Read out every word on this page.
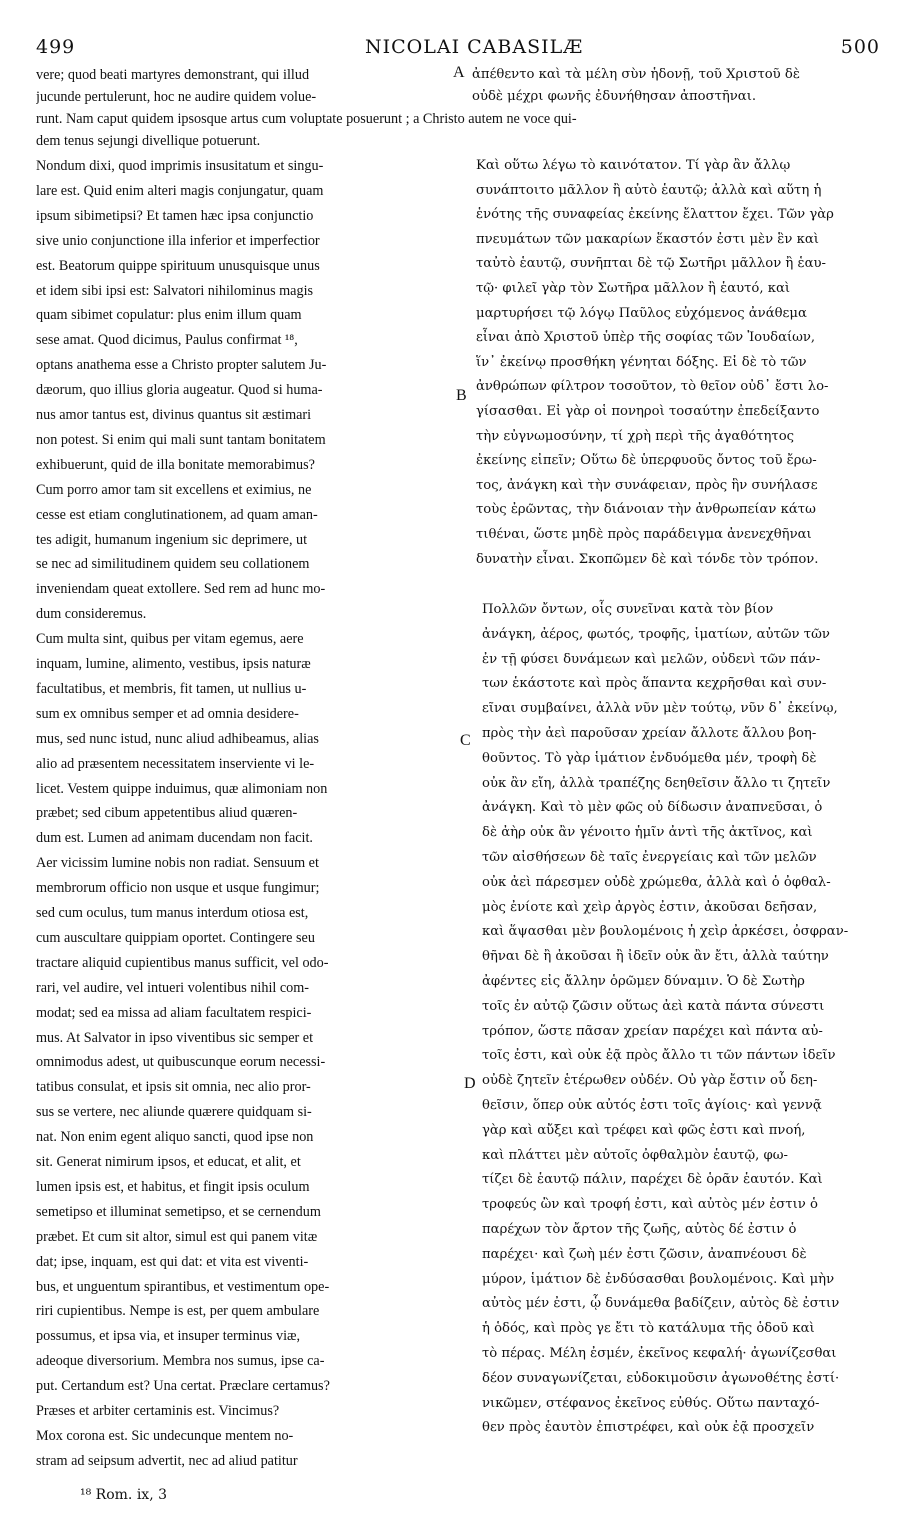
499	NICOLAI CABASILÆ	500
vere; quod beati martyres demonstrant, qui illud
jucunde pertulerunt, hoc ne audire quidem volue-
runt. Nam caput quidem ipsosque artus cum voluptate posuerunt ; a Christo autem ne voce qui-
dem tenus sejungi divellique potuerunt.
ἀπέθεντο καὶ τὰ μέλη σὺν ἡδονῇ, τοῦ Χριστοῦ δὲ
οὐδὲ μέχρι φωνῆς ἐδυνήθησαν ἀποστῆναι.
Nondum dixi, quod imprimis insusitatum et singu-
lare est. Quid enim alteri magis conjungatur, quam
ipsum sibimetipsi? Et tamen hæc ipsa conjunctio
sive unio conjunctione illa inferior et imperfectior
est. Beatorum quippe spirituum unusquisque unus
et idem sibi ipsi est: Salvatori nihilominus magis
quam sibimet copulatur: plus enim illum quam
sese amat. Quod dicimus, Paulus confirmat ¹⁸,
optans anathema esse a Christo propter salutem Ju-
dæorum, quo illius gloria augeatur. Quod si huma-
nus amor tantus est, divinus quantus sit æstimari
non potest. Si enim qui mali sunt tantam bonitatem
exhibuerunt, quid de illa bonitate memorabimus?
Cum porro amor tam sit excellens et eximius, ne
cesse est etiam conglutinationem, ad quam aman-
tes adigit, humanum ingenium sic deprimere, ut
se nec ad similitudinem quidem seu collationem
inveniendam queat extollere. Sed rem ad hunc mo-
dum consideremus.
Cum multa sint, quibus per vitam egemus, aere
inquam, lumine, alimento, vestibus, ipsis naturæ
facultatibus, et membris, fit tamen, ut nullius u-
sum ex omnibus semper et ad omnia desidere-
mus, sed nunc istud, nunc aliud adhibeamus, alias
alio ad præsentem necessitatem inserviente vi le-
licet. Vestem quippe induimus, quæ alimoniam non
præbet; sed cibum appetentibus aliud quæren-
dum est. Lumen ad animam ducendam non facit.
Aer vicissim lumine nobis non radiat. Sensuum et
membrorum officio non usque et usque fungimur;
sed cum oculus, tum manus interdum otiosa est,
cum auscultare quippiam oportet. Contingere seu
tractare aliquid cupientibus manus sufficit, vel odo-
rari, vel audire, vel intueri volentibus nihil com-
modat; sed ea missa ad aliam facultatem respici-
mus. At Salvator in ipso viventibus sic semper et
omnimodus adest, ut quibuscunque eorum necessi-
tatibus consulat, et ipsis sit omnia, nec alio pror-
sus se vertere, nec aliunde quærere quidquam si-
nat. Non enim egent aliquo sancti, quod ipse non
sit. Generat nimirum ipsos, et educat, et alit, et
lumen ipsis est, et habitus, et fingit ipsis oculum
semetipso et illuminat semetipso, et se cernendum
præbet. Et cum sit altor, simul est qui panem vitæ
dat; ipse, inquam, est qui dat: et vita est viventi-
bus, et unguentum spirantibus, et vestimentum ope-
riri cupientibus. Nempe is est, per quem ambulare
possumus, et ipsa via, et insuper terminus viæ,
adeoque diversorium. Membra nos sumus, ipse ca-
put. Certandum est? Una certat. Præclare certamus?
Præses et arbiter certaminis est. Vincimus?
Mox corona est. Sic undecunque mentem no-
stram ad seipsum advertit, nec ad aliud patitur
Καὶ οὕτω λέγω τὸ καινότατον. Τί γὰρ ἂν ἄλλῳ
συνάπτοιτο μᾶλλον ἢ αὐτὸ ἑαυτῷ; ἀλλὰ καὶ αὕτη ἡ
ἑνότης τῆς συναφείας ἐκείνης ἔλαττον ἔχει. Τῶν γὰρ
πνευμάτων τῶν μακαρίων ἕκαστόν ἐστι μὲν ἓν καὶ
ταὐτὸ ἑαυτῷ, συνῆπται δὲ τῷ Σωτῆρι μᾶλλον ἢ ἑαυ-
τῷ· φιλεῖ γὰρ τὸν Σωτῆρα μᾶλλον ἢ ἑαυτό, καὶ
μαρτυρήσει τῷ λόγῳ Παῦλος εὐχόμενος ἀνάθεμα
εἶναι ἀπὸ Χριστοῦ ὑπὲρ τῆς σοφίας τῶν Ἰουδαίων,
ἵν᾽ ἐκείνῳ προσθήκη γένηται δόξης. Εἰ δὲ τὸ τῶν
ἀνθρώπων φίλτρον τοσοῦτον, τὸ θεῖον οὐδ᾽ ἔστι λο-
γίσασθαι. Εἰ γὰρ οἱ πονηροὶ τοσαύτην ἐπεδείξαντο
τὴν εὐγνωμοσύνην, τί χρὴ περὶ τῆς ἀγαθότητος
ἐκείνης εἰπεῖν; Οὕτω δὲ ὑπερφυοῦς ὄντος τοῦ ἔρω-
τος, ἀνάγκη καὶ τὴν συνάφειαν, πρὸς ἣν συνήλασε
τοὺς ἐρῶντας, τὴν διάνοιαν τὴν ἀνθρωπείαν κάτω
τιθέναι, ὥστε μηδὲ πρὸς παράδειγμα ἀνενεχθῆναι
δυνατὴν εἶναι. Σκοπῶμεν δὲ καὶ τόνδε τὸν τρόπον.
Πολλῶν ὄντων, οἷς συνεῖναι κατὰ τὸν βίον
ἀνάγκη, ἀέρος, φωτός, τροφῆς, ἱματίων, αὐτῶν τῶν
ἐν τῇ φύσει δυνάμεων καὶ μελῶν, οὐδενὶ τῶν πάν-
των ἑκάστοτε καὶ πρὸς ἅπαντα κεχρῆσθαι καὶ συν-
εῖναι συμβαίνει, ἀλλὰ νῦν μὲν τούτῳ, νῦν δ᾽ ἐκείνῳ,
πρὸς τὴν ἀεὶ παροῦσαν χρείαν ἄλλοτε ἄλλου βοη-
θοῦντος. Τὸ γὰρ ἱμάτιον ἐνδυόμεθα μέν, τροφὴ δὲ
οὐκ ἂν εἴη, ἀλλὰ τραπέζης δεηθεῖσιν ἄλλο τι ζητεῖν
ἀνάγκη. Καὶ τὸ μὲν φῶς οὐ δίδωσιν ἀναπνεῦσαι, ὁ
δὲ ἀὴρ οὐκ ἂν γένοιτο ἡμῖν ἀντὶ τῆς ἀκτῖνος, καὶ
τῶν αἰσθήσεων δὲ ταῖς ἐνεργείαις καὶ τῶν μελῶν
οὐκ ἀεὶ πάρεσμεν οὐδὲ χρώμεθα, ἀλλὰ καὶ ὁ ὀφθαλ-
μὸς ἐνίοτε καὶ χεὶρ ἀργὸς ἐστιν, ἀκοῦσαι δεῆσαν,
καὶ ἅψασθαι μὲν βουλομένοις ἡ χεὶρ ἀρκέσει, ὀσφραν-
θῆναι δὲ ἢ ἀκοῦσαι ἢ ἰδεῖν οὐκ ἂν ἔτι, ἀλλὰ ταύτην
ἀφέντες εἰς ἄλλην ὁρῶμεν δύναμιν. Ὁ δὲ Σωτὴρ
τοῖς ἐν αὐτῷ ζῶσιν οὕτως ἀεὶ κατὰ πάντα σύνεστι
τρόπον, ὥστε πᾶσαν χρείαν παρέχει καὶ πάντα αὐ-
τοῖς ἐστι, καὶ οὐκ ἐᾷ πρὸς ἄλλο τι τῶν πάντων ἰδεῖν
οὐδὲ ζητεῖν ἑτέρωθεν οὐδέν. Οὐ γὰρ ἔστιν οὗ δεη-
θεῖσιν, ὅπερ οὐκ αὐτός ἐστι τοῖς ἁγίοις· καὶ γεννᾷ
γὰρ καὶ αὔξει καὶ τρέφει καὶ φῶς ἐστι καὶ πνοή,
καὶ πλάττει μὲν αὐτοῖς ὀφθαλμὸν ἑαυτῷ, φω-
τίζει δὲ ἑαυτῷ πάλιν, παρέχει δὲ ὁρᾶν ἑαυτόν. Καὶ
τροφεύς ὢν καὶ τροφή ἐστι, καὶ αὐτὸς μέν ἐστιν ὁ
παρέχων τὸν ἄρτον τῆς ζωῆς, αὐτὸς δέ ἐστιν ὁ
παρέχει· καὶ ζωὴ μέν ἐστι ζῶσιν, ἀναπνέουσι δὲ
μύρον, ἱμάτιον δὲ ἐνδύσασθαι βουλομένοις. Καὶ μὴν
αὐτὸς μέν ἐστι, ᾧ δυνάμεθα βαδίζειν, αὐτὸς δὲ ἐστιν
ἡ ὁδός, καὶ πρὸς γε ἔτι τὸ κατάλυμα τῆς ὁδοῦ καὶ
τὸ πέρας. Μέλη ἐσμέν, ἐκεῖνος κεφαλή· ἀγωνίζεσθαι
δέον συναγωνίζεται, εὐδοκιμοῦσιν ἀγωνοθέτης ἐστί·
νικῶμεν, στέφανος ἐκεῖνος εὐθύς. Οὕτω πανταχό-
θεν πρὸς ἑαυτὸν ἐπιστρέφει, καὶ οὐκ ἐᾷ προσχεῖν
A
B
C
D
¹⁸ Rom. ix, 3
